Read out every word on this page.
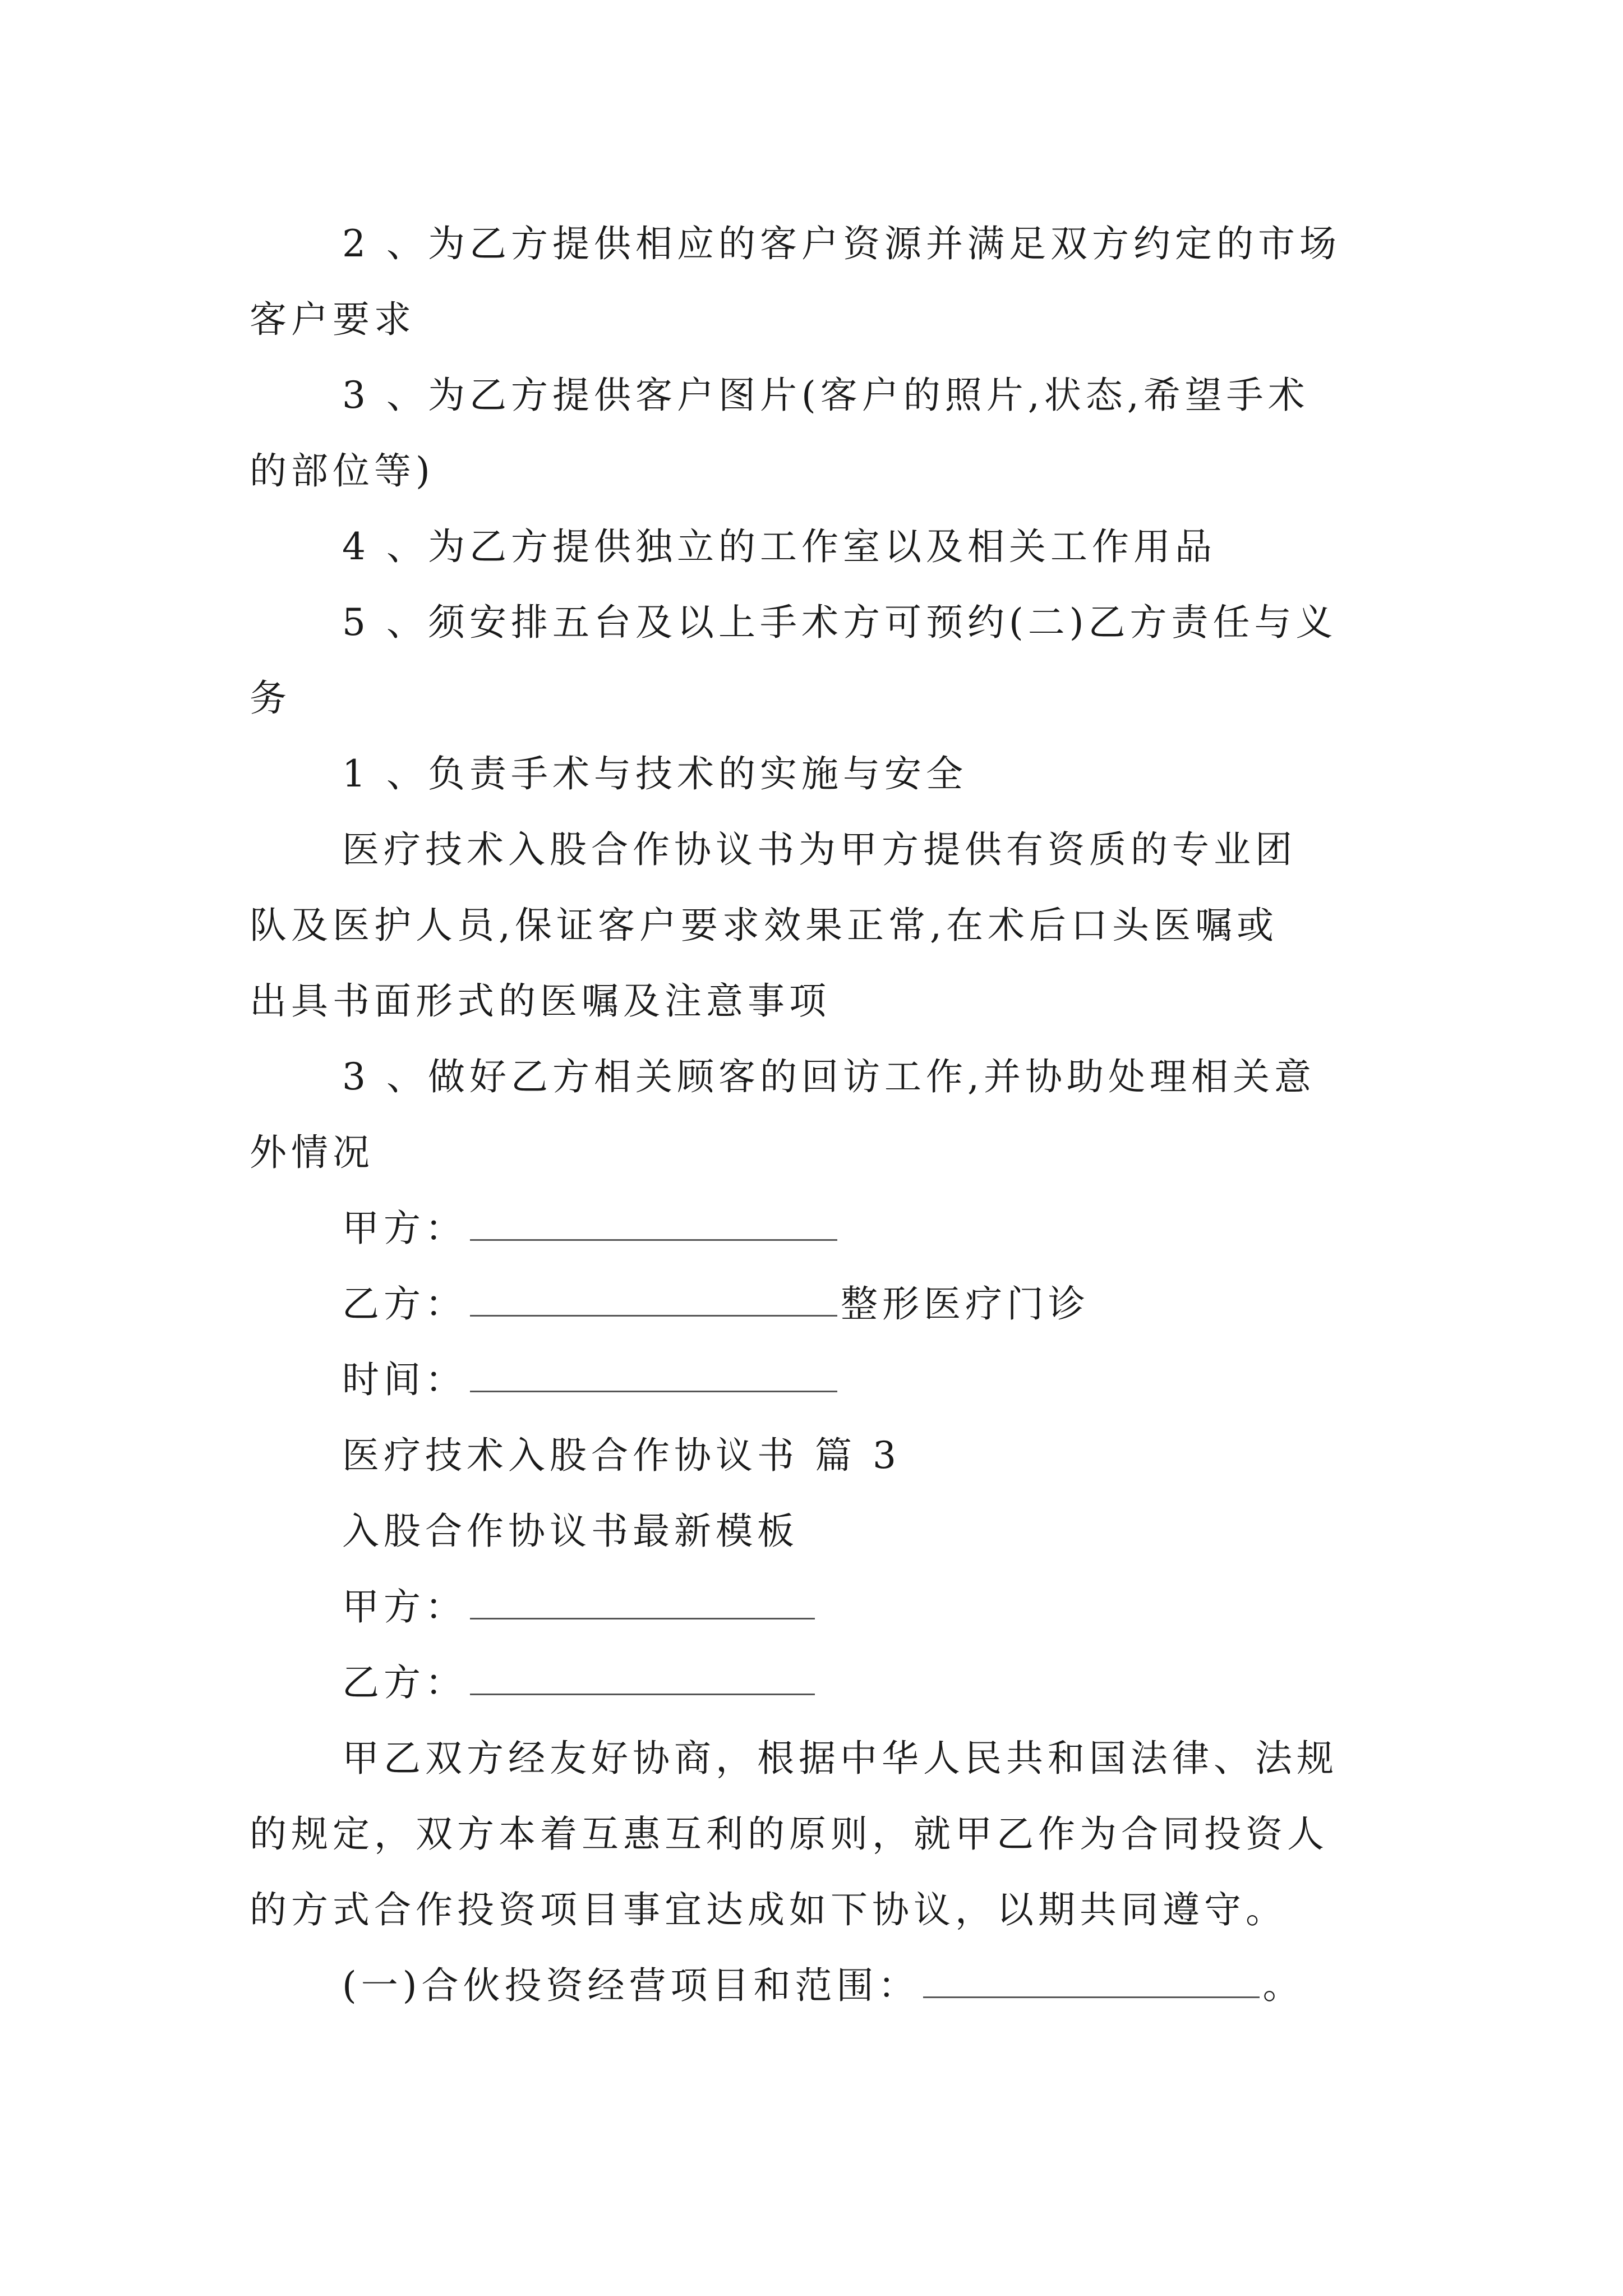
2 、为乙方提供相应的客户资源并满足双方约定的市场
客户要求
3 、为乙方提供客户图片(客户的照片,状态,希望手术
的部位等)
4 、为乙方提供独立的工作室以及相关工作用品
5 、须安排五台及以上手术方可预约(二)乙方责任与义
务
1 、负责手术与技术的实施与安全
医疗技术入股合作协议书为甲方提供有资质的专业团
队及医护人员,保证客户要求效果正常,在术后口头医嘱或
出具书面形式的医嘱及注意事项
3 、做好乙方相关顾客的回访工作,并协助处理相关意
外情况
甲方：
乙方：	整形医疗门诊
时间：
医疗技术入股合作协议书 篇 3
入股合作协议书最新模板
甲方：
乙方：
甲乙双方经友好协商，根据中华人民共和国法律、法规
的规定，双方本着互惠互利的原则，就甲乙作为合同投资人
的方式合作投资项目事宜达成如下协议，以期共同遵守。
(一)合伙投资经营项目和范围：	。
